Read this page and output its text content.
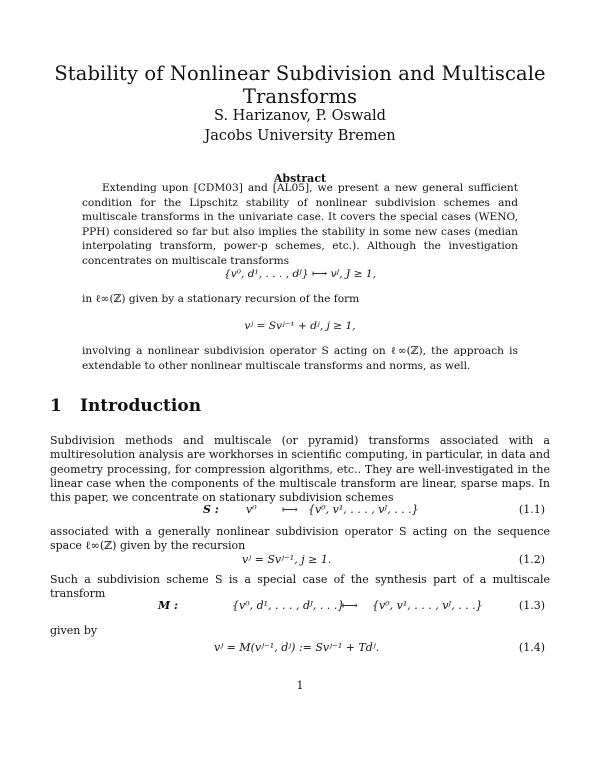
Stability of Nonlinear Subdivision and Multiscale Transforms
S. Harizanov, P. Oswald
Jacobs University Bremen
Abstract
Extending upon [CDM03] and [AL05], we present a new general sufficient condition for the Lipschitz stability of nonlinear subdivision schemes and multiscale transforms in the univariate case. It covers the special cases (WENO, PPH) considered so far but also implies the stability in some new cases (median interpolating transform, power-p schemes, etc.). Although the investigation concentrates on multiscale transforms
{v⁰, d¹, . . . , dᴶ} ⟼ vᴶ, J ≥ 1,
in ℓ∞(ℤ) given by a stationary recursion of the form
vʲ = Svʲ⁻¹ + dʲ, j ≥ 1,
involving a nonlinear subdivision operator S acting on ℓ∞(ℤ), the approach is extendable to other nonlinear multiscale transforms and norms, as well.
1 Introduction
Subdivision methods and multiscale (or pyramid) transforms associated with a multiresolution analysis are workhorses in scientific computing, in particular, in data and geometry processing, for compression algorithms, etc.. They are well-investigated in the linear case when the components of the multiscale transform are linear, sparse maps. In this paper, we concentrate on stationary subdivision schemes
S : v⁰ ⟼ {v⁰, v¹, . . . , vᴶ, . . .}	(1.1)
associated with a generally nonlinear subdivision operator S acting on the sequence space ℓ∞(ℤ) given by the recursion
vʲ = Svʲ⁻¹, j ≥ 1.	(1.2)
Such a subdivision scheme S is a special case of the synthesis part of a multiscale transform
M :	{v⁰, d¹, . . . , dᴶ, . . .}
⟼ {v⁰, v¹, . . . , vᴶ, . . .}	(1.3)
given by
vʲ = M(vʲ⁻¹, dʲ) := Svʲ⁻¹ + Tdʲ.	(1.4)
1
